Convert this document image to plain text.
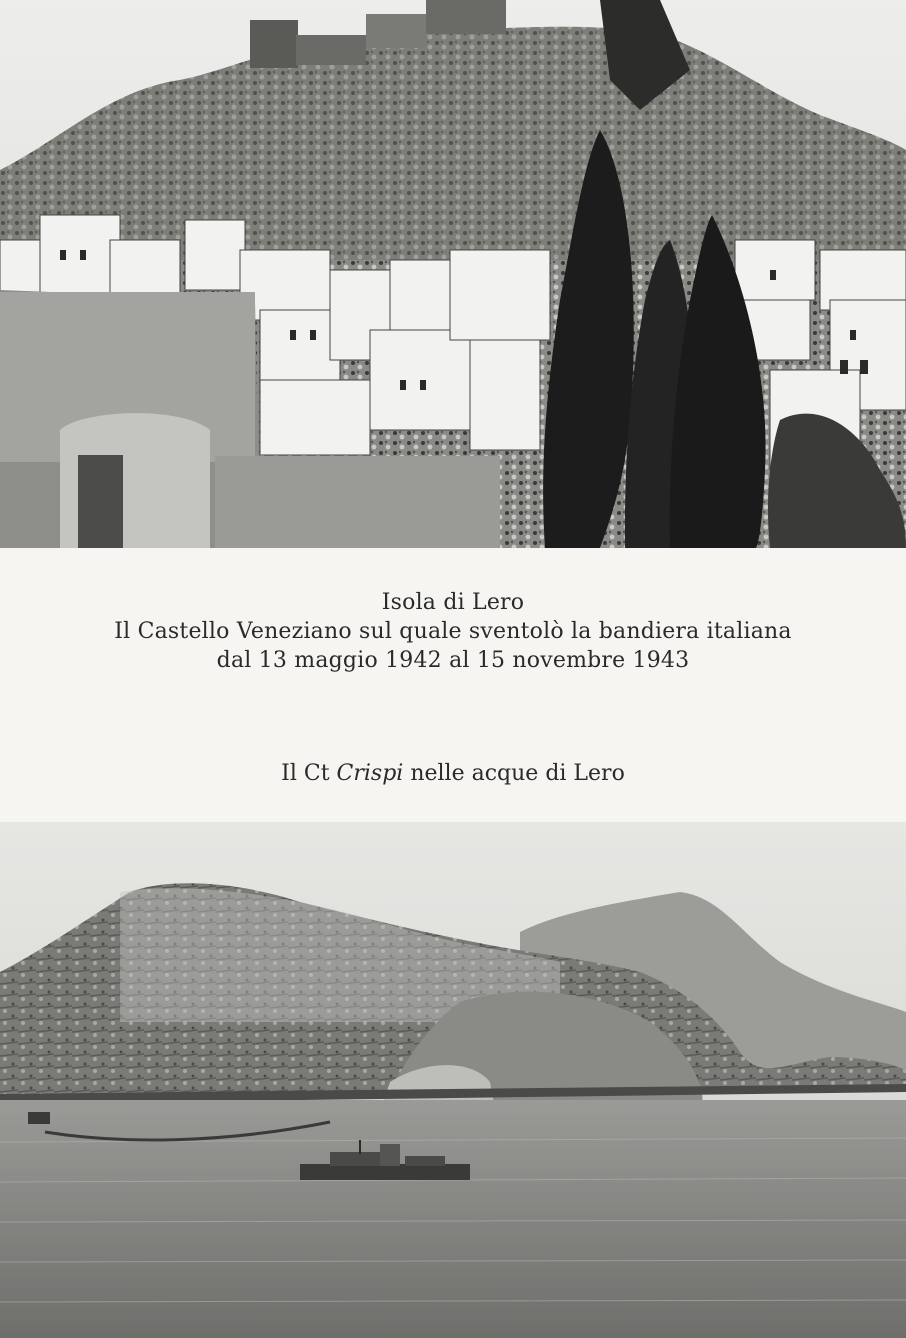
Isola di Lero
Il Castello Veneziano sul quale sventolò la bandiera italiana
dal 13 maggio 1942 al 15 novembre 1943
Il Ct Crispi nelle acque di Lero
